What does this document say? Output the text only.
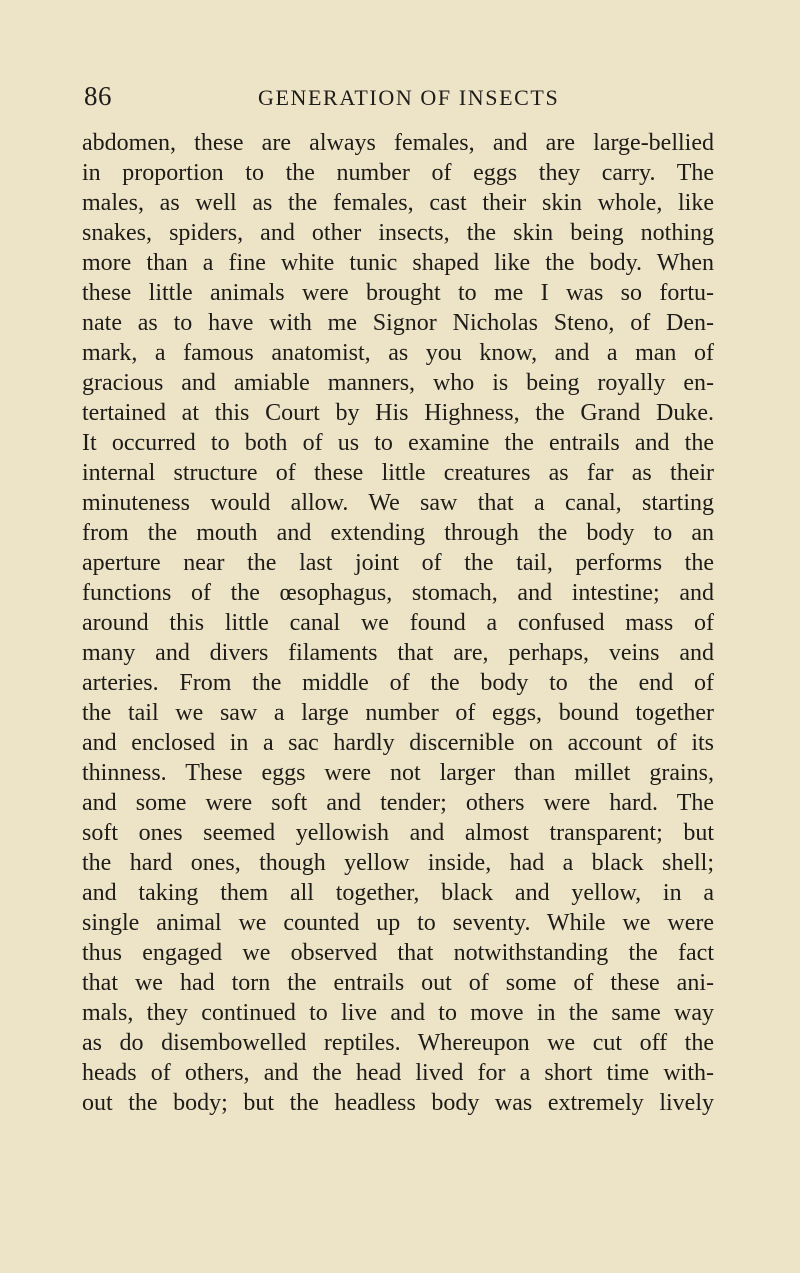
86	GENERATION OF INSECTS
abdomen, these are always females, and are large-bellied
in proportion to the number of eggs they carry. The
males, as well as the females, cast their skin whole, like
snakes, spiders, and other insects, the skin being nothing
more than a fine white tunic shaped like the body. When
these little animals were brought to me I was so fortu-
nate as to have with me Signor Nicholas Steno, of Den-
mark, a famous anatomist, as you know, and a man of
gracious and amiable manners, who is being royally en-
tertained at this Court by His Highness, the Grand Duke.
It occurred to both of us to examine the entrails and the
internal structure of these little creatures as far as their
minuteness would allow. We saw that a canal, starting
from the mouth and extending through the body to an
aperture near the last joint of the tail, performs the
functions of the œsophagus, stomach, and intestine; and
around this little canal we found a confused mass of
many and divers filaments that are, perhaps, veins and
arteries. From the middle of the body to the end of
the tail we saw a large number of eggs, bound together
and enclosed in a sac hardly discernible on account of its
thinness. These eggs were not larger than millet grains,
and some were soft and tender; others were hard. The
soft ones seemed yellowish and almost transparent; but
the hard ones, though yellow inside, had a black shell;
and taking them all together, black and yellow, in a
single animal we counted up to seventy. While we were
thus engaged we observed that notwithstanding the fact
that we had torn the entrails out of some of these ani-
mals, they continued to live and to move in the same way
as do disembowelled reptiles. Whereupon we cut off the
heads of others, and the head lived for a short time with-
out the body; but the headless body was extremely lively
